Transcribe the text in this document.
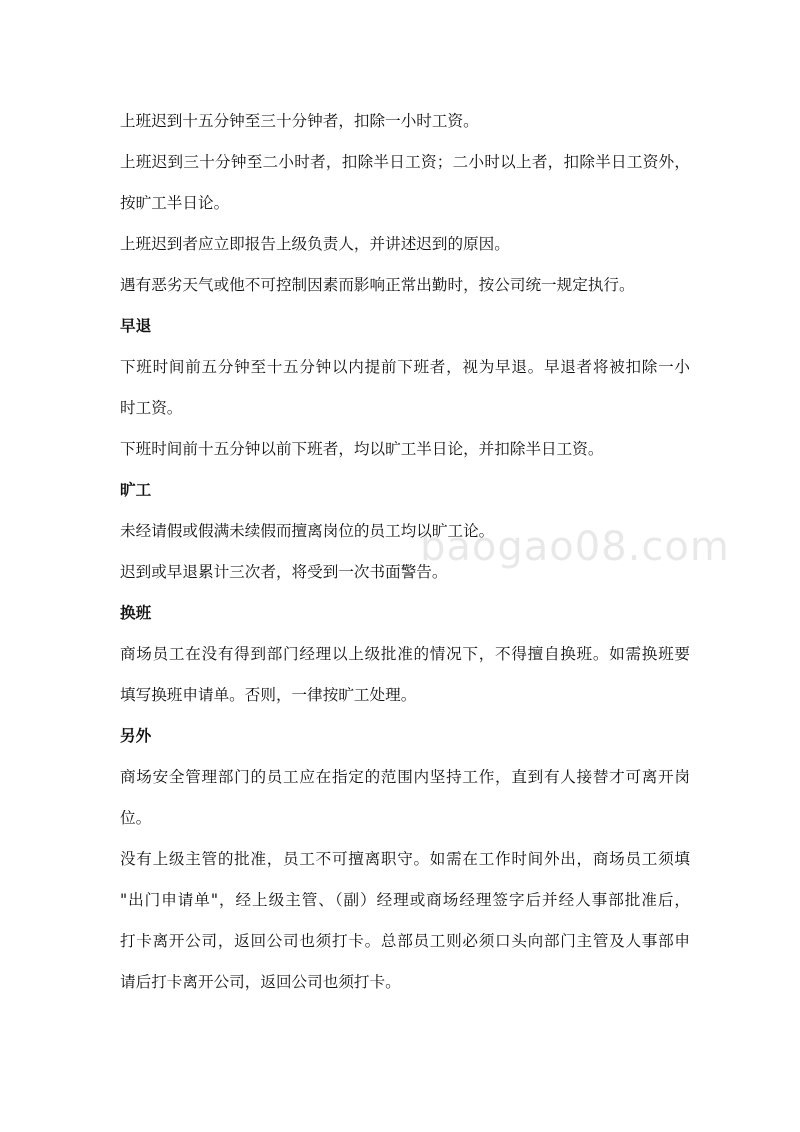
上班迟到十五分钟至三十分钟者，扣除一小时工资。
上班迟到三十分钟至二小时者，扣除半日工资；二小时以上者，扣除半日工资外，
按旷工半日论。
上班迟到者应立即报告上级负责人，并讲述迟到的原因。
遇有恶劣天气或他不可控制因素而影响正常出勤时，按公司统一规定执行。
早退
下班时间前五分钟至十五分钟以内提前下班者，视为早退。早退者将被扣除一小
时工资。
下班时间前十五分钟以前下班者，均以旷工半日论，并扣除半日工资。
旷工
未经请假或假满未续假而擅离岗位的员工均以旷工论。
迟到或早退累计三次者，将受到一次书面警告。
换班
商场员工在没有得到部门经理以上级批准的情况下，不得擅自换班。如需换班要
填写换班申请单。否则，一律按旷工处理。
另外
商场安全管理部门的员工应在指定的范围内坚持工作，直到有人接替才可离开岗
位。
没有上级主管的批准，员工不可擅离职守。如需在工作时间外出，商场员工须填
"出门申请单"，经上级主管、（副）经理或商场经理签字后并经人事部批准后，
打卡离开公司，返回公司也须打卡。总部员工则必须口头向部门主管及人事部申
请后打卡离开公司，返回公司也须打卡。
baogao08.com
